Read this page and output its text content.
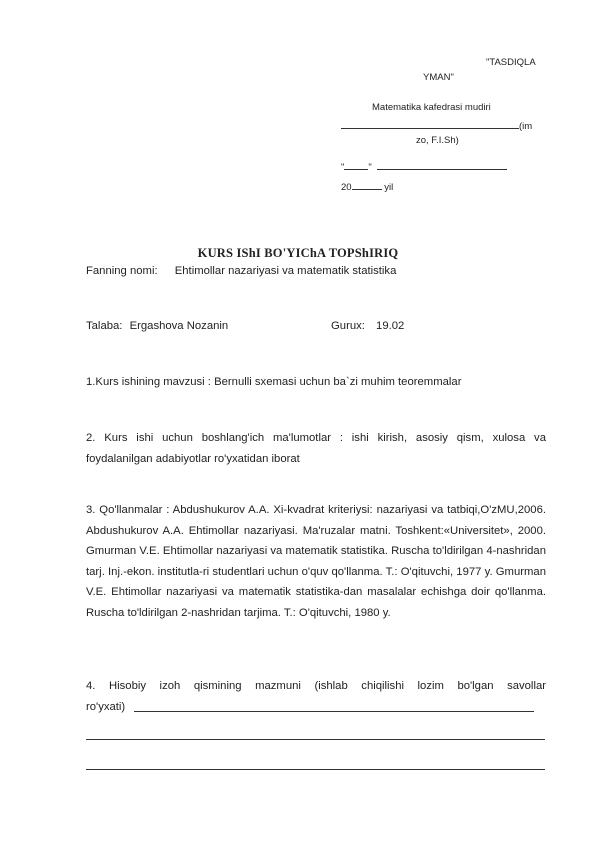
"TASDIQLA
YMAN"
Matematika kafedrasi mudiri
(im
zo, F.I.Sh)
"	"
20	yil
KURS IShI BO'YIChA TOPShIRIQ
Fanning nomi: Ehtimollar nazariyasi va matematik statistika
Talaba: Ergashova Nozanin	Gurux: 19.02
1.Kurs ishining mavzusi : Bernulli sxemasi uchun ba`zi muhim teoremmalar
2. Kurs ishi uchun boshlang'ich ma'lumotlar : ishi kirish, asosiy qism, xulosa va foydalanilgan adabiyotlar ro'yxatidan iborat
3. Qo'llanmalar : Abdushukurov A.A. Xi-kvadrat kriteriysi: nazariyasi va tatbiqi,O'zMU,2006. Abdushukurov A.A. Ehtimollar nazariyasi. Ma'ruzalar matni. Toshkent:«Universitet», 2000. Gmurman V.E. Ehtimollar nazariyasi va matematik statistika. Ruscha to'ldirilgan 4-nashridan tarj. Inj.-ekon. institutla-ri studentlari uchun o'quv qo'llanma. T.: O'qituvchi, 1977 y. Gmurman V.E. Ehtimollar nazariyasi va matematik statistika-dan masalalar echishga doir qo'llanma. Ruscha to'ldirilgan 2-nashridan tarjima. T.: O'qituvchi, 1980 y.
4. Hisobiy izoh qismining mazmuni (ishlab chiqilishi lozim bo'lgan savollar
ro'yxati)
